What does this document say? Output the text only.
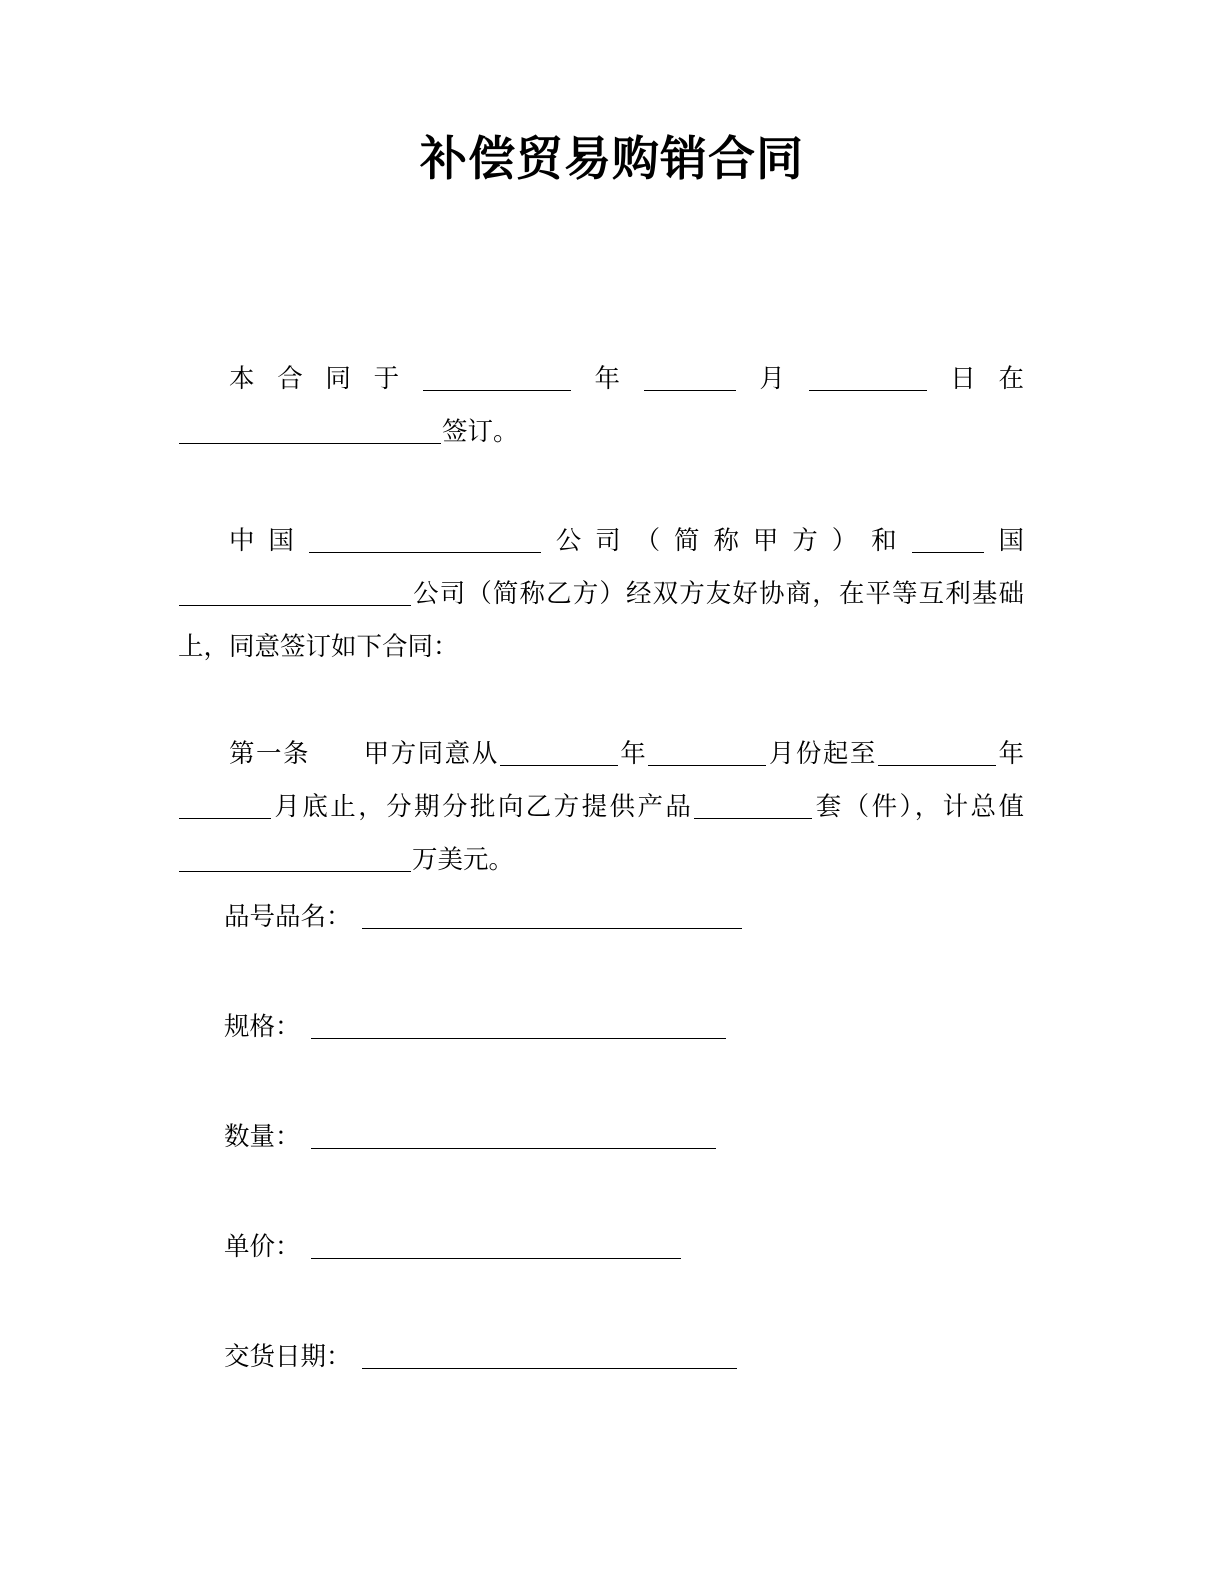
补偿贸易购销合同

本合同于	年	月	日在签订。

中国	公司（简称甲方）和	国公司（简称乙方）经双方友好协商，在平等互利基础上，同意签订如下合同：

第一条 甲方同意从	年	月份起至	年月底止，分期分批向乙方提供产品	套（件），计总值万美元。

品号品名：
规格：
数量：
单价：
交货日期：
